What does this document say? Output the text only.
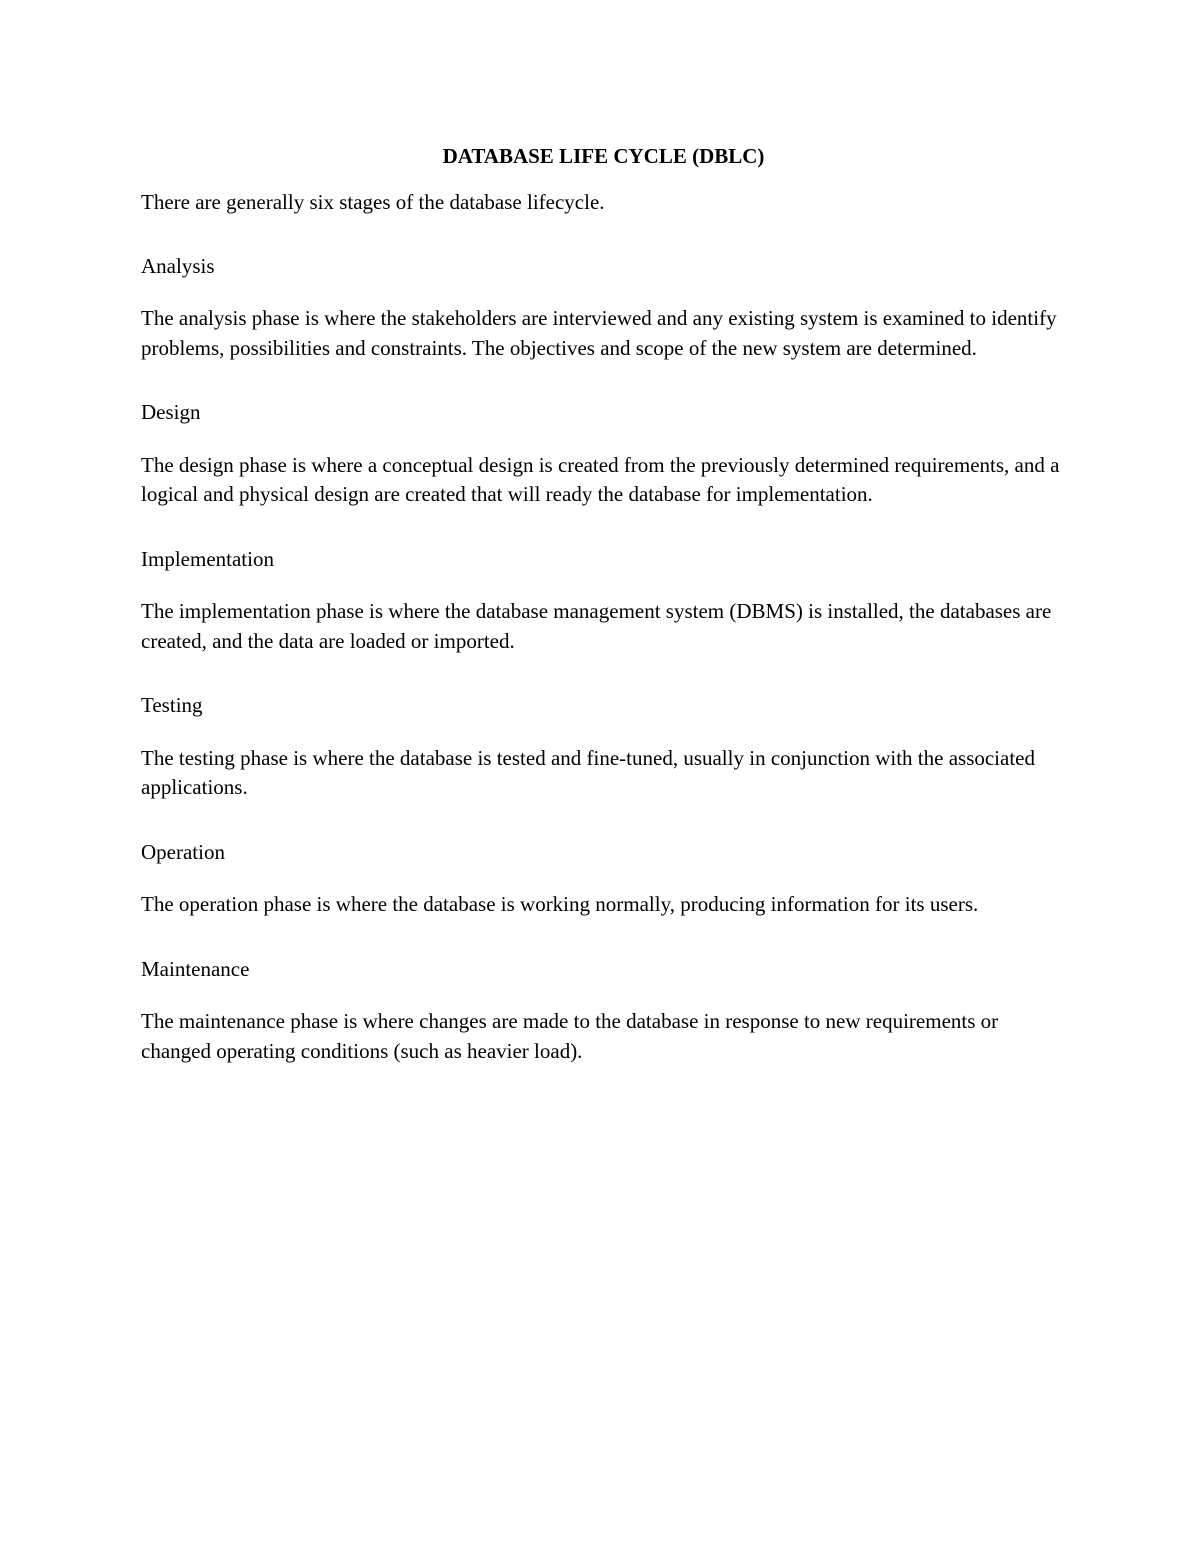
DATABASE LIFE CYCLE (DBLC)

There are generally six stages of the database lifecycle.

Analysis

The analysis phase is where the stakeholders are interviewed and any existing system is examined to identify problems, possibilities and constraints. The objectives and scope of the new system are determined.

Design

The design phase is where a conceptual design is created from the previously determined requirements, and a logical and physical design are created that will ready the database for implementation.

Implementation

The implementation phase is where the database management system (DBMS) is installed, the databases are created, and the data are loaded or imported.

Testing

The testing phase is where the database is tested and fine-tuned, usually in conjunction with the associated applications.

Operation

The operation phase is where the database is working normally, producing information for its users.

Maintenance

The maintenance phase is where changes are made to the database in response to new requirements or changed operating conditions (such as heavier load).
